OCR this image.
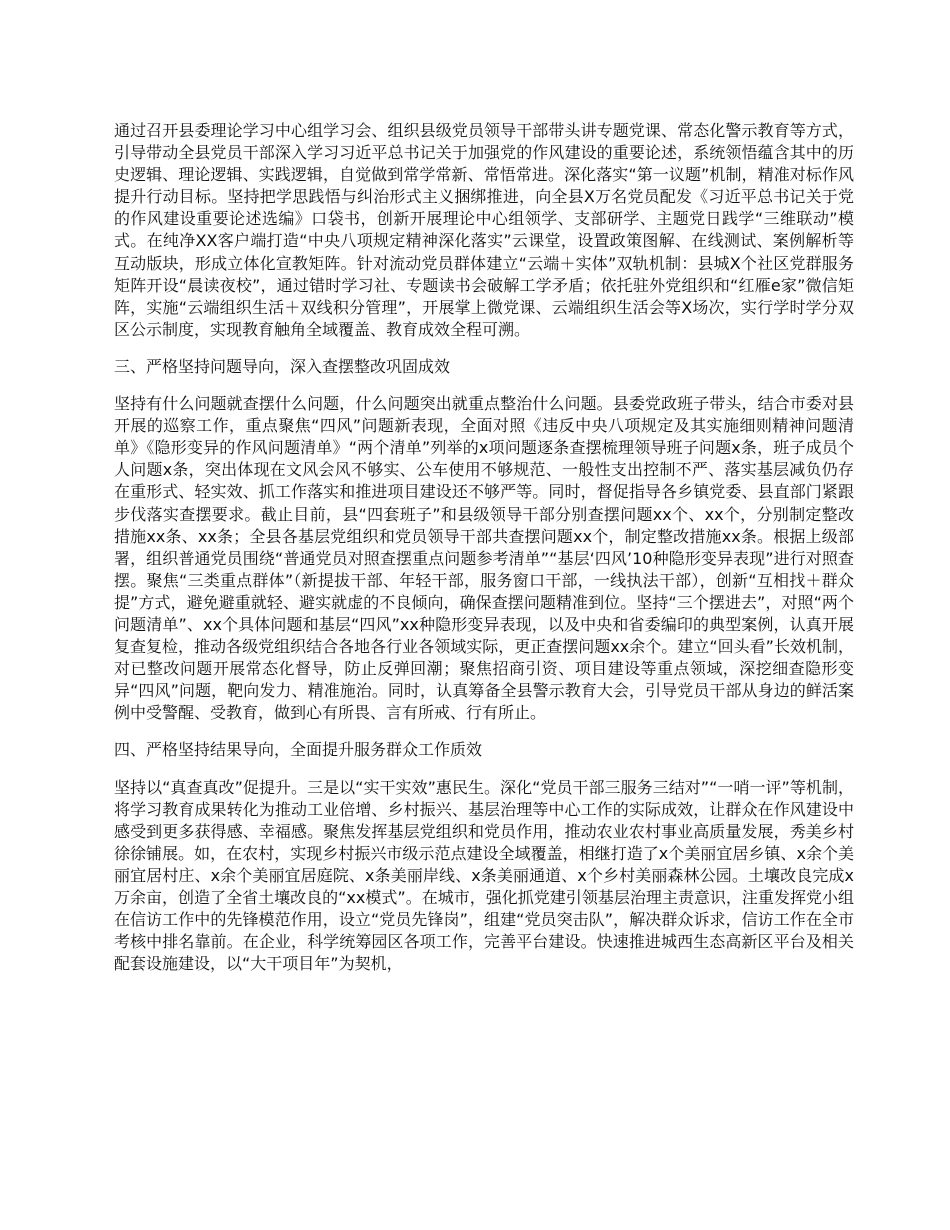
通过召开县委理论学习中心组学习会、组织县级党员领导干部带头讲专题党课、常态化警示教育等方式，引导带动全县党员干部深入学习习近平总书记关于加强党的作风建设的重要论述，系统领悟蕴含其中的历史逻辑、理论逻辑、实践逻辑，自觉做到常学常新、常悟常进。深化落实“第一议题”机制，精准对标作风提升行动目标。坚持把学思践悟与纠治形式主义捆绑推进，向全县X万名党员配发《习近平总书记关于党的作风建设重要论述选编》口袋书，创新开展理论中心组领学、支部研学、主题党日践学“三维联动”模式。在纯净XX客户端打造“中央八项规定精神深化落实”云课堂，设置政策图解、在线测试、案例解析等互动版块，形成立体化宣教矩阵。针对流动党员群体建立“云端＋实体”双轨机制：县城X个社区党群服务矩阵开设“晨读夜校”，通过错时学习社、专题读书会破解工学矛盾；依托驻外党组织和“红雁e家”微信矩阵，实施“云端组织生活＋双线积分管理”，开展掌上微党课、云端组织生活会等X场次，实行学时学分双区公示制度，实现教育触角全域覆盖、教育成效全程可溯。

三、严格坚持问题导向，深入查摆整改巩固成效

坚持有什么问题就查摆什么问题，什么问题突出就重点整治什么问题。县委党政班子带头，结合市委对县开展的巡察工作，重点聚焦“四风”问题新表现，全面对照《违反中央八项规定及其实施细则精神问题清单》《隐形变异的作风问题清单》“两个清单”列举的x项问题逐条查摆梳理领导班子问题x条，班子成员个人问题x条，突出体现在文风会风不够实、公车使用不够规范、一般性支出控制不严、落实基层减负仍存在重形式、轻实效、抓工作落实和推进项目建设还不够严等。同时，督促指导各乡镇党委、县直部门紧跟步伐落实查摆要求。截止目前，县“四套班子”和县级领导干部分别查摆问题xx个、xx个，分别制定整改措施xx条、xx条；全县各基层党组织和党员领导干部共查摆问题xx个，制定整改措施xx条。根据上级部署，组织普通党员围绕“普通党员对照查摆重点问题参考清单”“基层‘四风’10种隐形变异表现”进行对照查摆。聚焦“三类重点群体”（新提拔干部、年轻干部，服务窗口干部，一线执法干部），创新“互相找＋群众提”方式，避免避重就轻、避实就虚的不良倾向，确保查摆问题精准到位。坚持“三个摆进去”，对照“两个问题清单”、xx个具体问题和基层“四风”xx种隐形变异表现，以及中央和省委编印的典型案例，认真开展复查复检，推动各级党组织结合各地各行业各领域实际，更正查摆问题xx余个。建立“回头看”长效机制，对已整改问题开展常态化督导，防止反弹回潮；聚焦招商引资、项目建设等重点领域，深挖细查隐形变异“四风”问题，靶向发力、精准施治。同时，认真筹备全县警示教育大会，引导党员干部从身边的鲜活案例中受警醒、受教育，做到心有所畏、言有所戒、行有所止。

四、严格坚持结果导向，全面提升服务群众工作质效

坚持以“真查真改”促提升。三是以“实干实效”惠民生。深化“党员干部三服务三结对”“一哨一评”等机制，将学习教育成果转化为推动工业倍增、乡村振兴、基层治理等中心工作的实际成效，让群众在作风建设中感受到更多获得感、幸福感。聚焦发挥基层党组织和党员作用，推动农业农村事业高质量发展，秀美乡村徐徐铺展。如，在农村，实现乡村振兴市级示范点建设全域覆盖，相继打造了x个美丽宜居乡镇、x余个美丽宜居村庄、x余个美丽宜居庭院、x条美丽岸线、x条美丽通道、x个乡村美丽森林公园。土壤改良完成x万余亩，创造了全省土壤改良的“xx模式”。在城市，强化抓党建引领基层治理主责意识，注重发挥党小组在信访工作中的先锋模范作用，设立“党员先锋岗”，组建“党员突击队”，解决群众诉求，信访工作在全市考核中排名靠前。在企业，科学统筹园区各项工作，完善平台建设。快速推进城西生态高新区平台及相关配套设施建设，以“大干项目年”为契机，
